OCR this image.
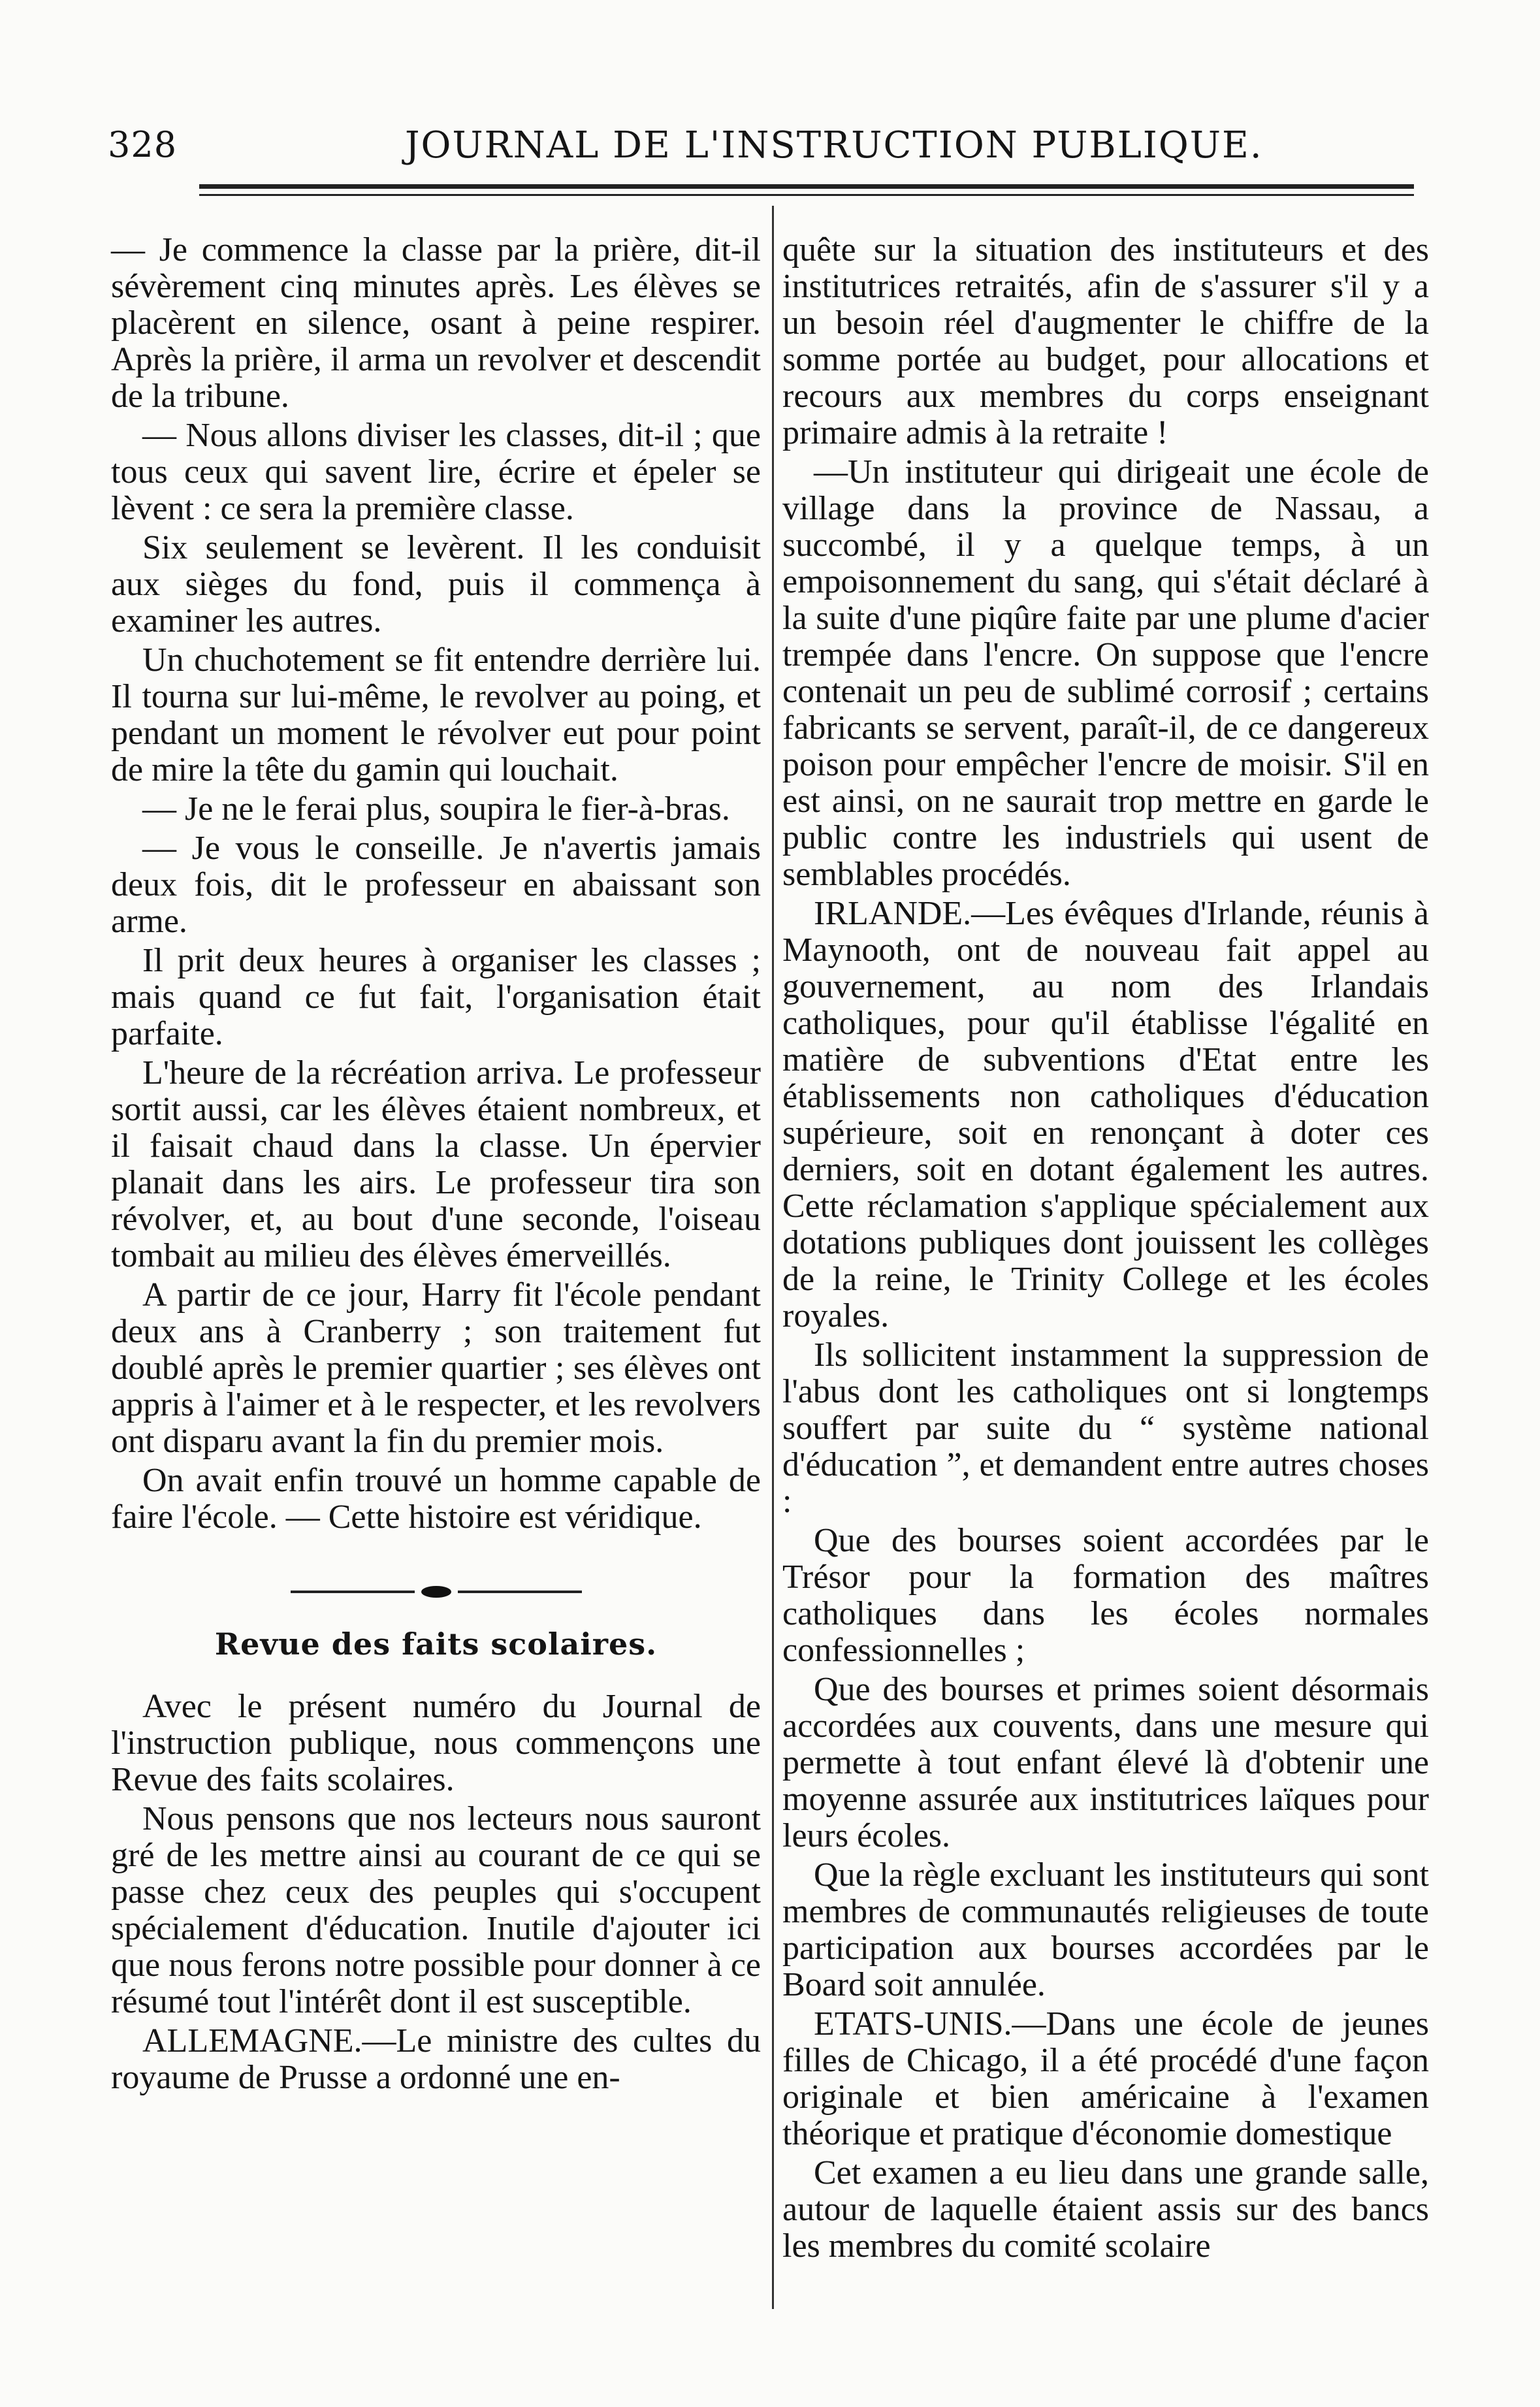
328	JOURNAL DE L'INSTRUCTION PUBLIQUE.

— Je commence la classe par la prière, dit-il sévèrement cinq minutes après. Les élèves se placèrent en silence, osant à peine respirer. Après la prière, il arma un revolver et descendit de la tribune.

— Nous allons diviser les classes, dit-il ; que tous ceux qui savent lire, écrire et épeler se lèvent : ce sera la première classe.

Six seulement se levèrent. Il les conduisit aux sièges du fond, puis il commença à examiner les autres.

Un chuchotement se fit entendre derrière lui. Il tourna sur lui-même, le revolver au poing, et pendant un moment le révolver eut pour point de mire la tête du gamin qui louchait.

— Je ne le ferai plus, soupira le fier-à-bras.

— Je vous le conseille. Je n'avertis jamais deux fois, dit le professeur en abaissant son arme.

Il prit deux heures à organiser les classes ; mais quand ce fut fait, l'organisation était parfaite.

L'heure de la récréation arriva. Le professeur sortit aussi, car les élèves étaient nombreux, et il faisait chaud dans la classe. Un épervier planait dans les airs. Le professeur tira son révolver, et, au bout d'une seconde, l'oiseau tombait au milieu des élèves émerveillés.

A partir de ce jour, Harry fit l'école pendant deux ans à Cranberry ; son traitement fut doublé après le premier quartier ; ses élèves ont appris à l'aimer et à le respecter, et les revolvers ont disparu avant la fin du premier mois.

On avait enfin trouvé un homme capable de faire l'école. — Cette histoire est véridique.

Revue des faits scolaires.

Avec le présent numéro du Journal de l'instruction publique, nous commençons une Revue des faits scolaires.

Nous pensons que nos lecteurs nous sauront gré de les mettre ainsi au courant de ce qui se passe chez ceux des peuples qui s'occupent spécialement d'éducation. Inutile d'ajouter ici que nous ferons notre possible pour donner à ce résumé tout l'intérêt dont il est susceptible.

ALLEMAGNE.—Le ministre des cultes du royaume de Prusse a ordonné une en-

quête sur la situation des instituteurs et des institutrices retraités, afin de s'assurer s'il y a un besoin réel d'augmenter le chiffre de la somme portée au budget, pour allocations et recours aux membres du corps enseignant primaire admis à la retraite !

—Un instituteur qui dirigeait une école de village dans la province de Nassau, a succombé, il y a quelque temps, à un empoisonnement du sang, qui s'était déclaré à la suite d'une piqûre faite par une plume d'acier trempée dans l'encre. On suppose que l'encre contenait un peu de sublimé corrosif ; certains fabricants se servent, paraît-il, de ce dangereux poison pour empêcher l'encre de moisir. S'il en est ainsi, on ne saurait trop mettre en garde le public contre les industriels qui usent de semblables procédés.

IRLANDE.—Les évêques d'Irlande, réunis à Maynooth, ont de nouveau fait appel au gouvernement, au nom des Irlandais catholiques, pour qu'il établisse l'égalité en matière de subventions d'Etat entre les établissements non catholiques d'éducation supérieure, soit en renonçant à doter ces derniers, soit en dotant également les autres. Cette réclamation s'applique spécialement aux dotations publiques dont jouissent les collèges de la reine, le Trinity College et les écoles royales.

Ils sollicitent instamment la suppression de l'abus dont les catholiques ont si longtemps souffert par suite du “ système national d'éducation ”, et demandent entre autres choses :

Que des bourses soient accordées par le Trésor pour la formation des maîtres catholiques dans les écoles normales confessionnelles ;

Que des bourses et primes soient désormais accordées aux couvents, dans une mesure qui permette à tout enfant élevé là d'obtenir une moyenne assurée aux institutrices laïques pour leurs écoles.

Que la règle excluant les instituteurs qui sont membres de communautés religieuses de toute participation aux bourses accordées par le Board soit annulée.

ETATS-UNIS.—Dans une école de jeunes filles de Chicago, il a été procédé d'une façon originale et bien américaine à l'examen théorique et pratique d'économie domestique

Cet examen a eu lieu dans une grande salle, autour de laquelle étaient assis sur des bancs les membres du comité scolaire
